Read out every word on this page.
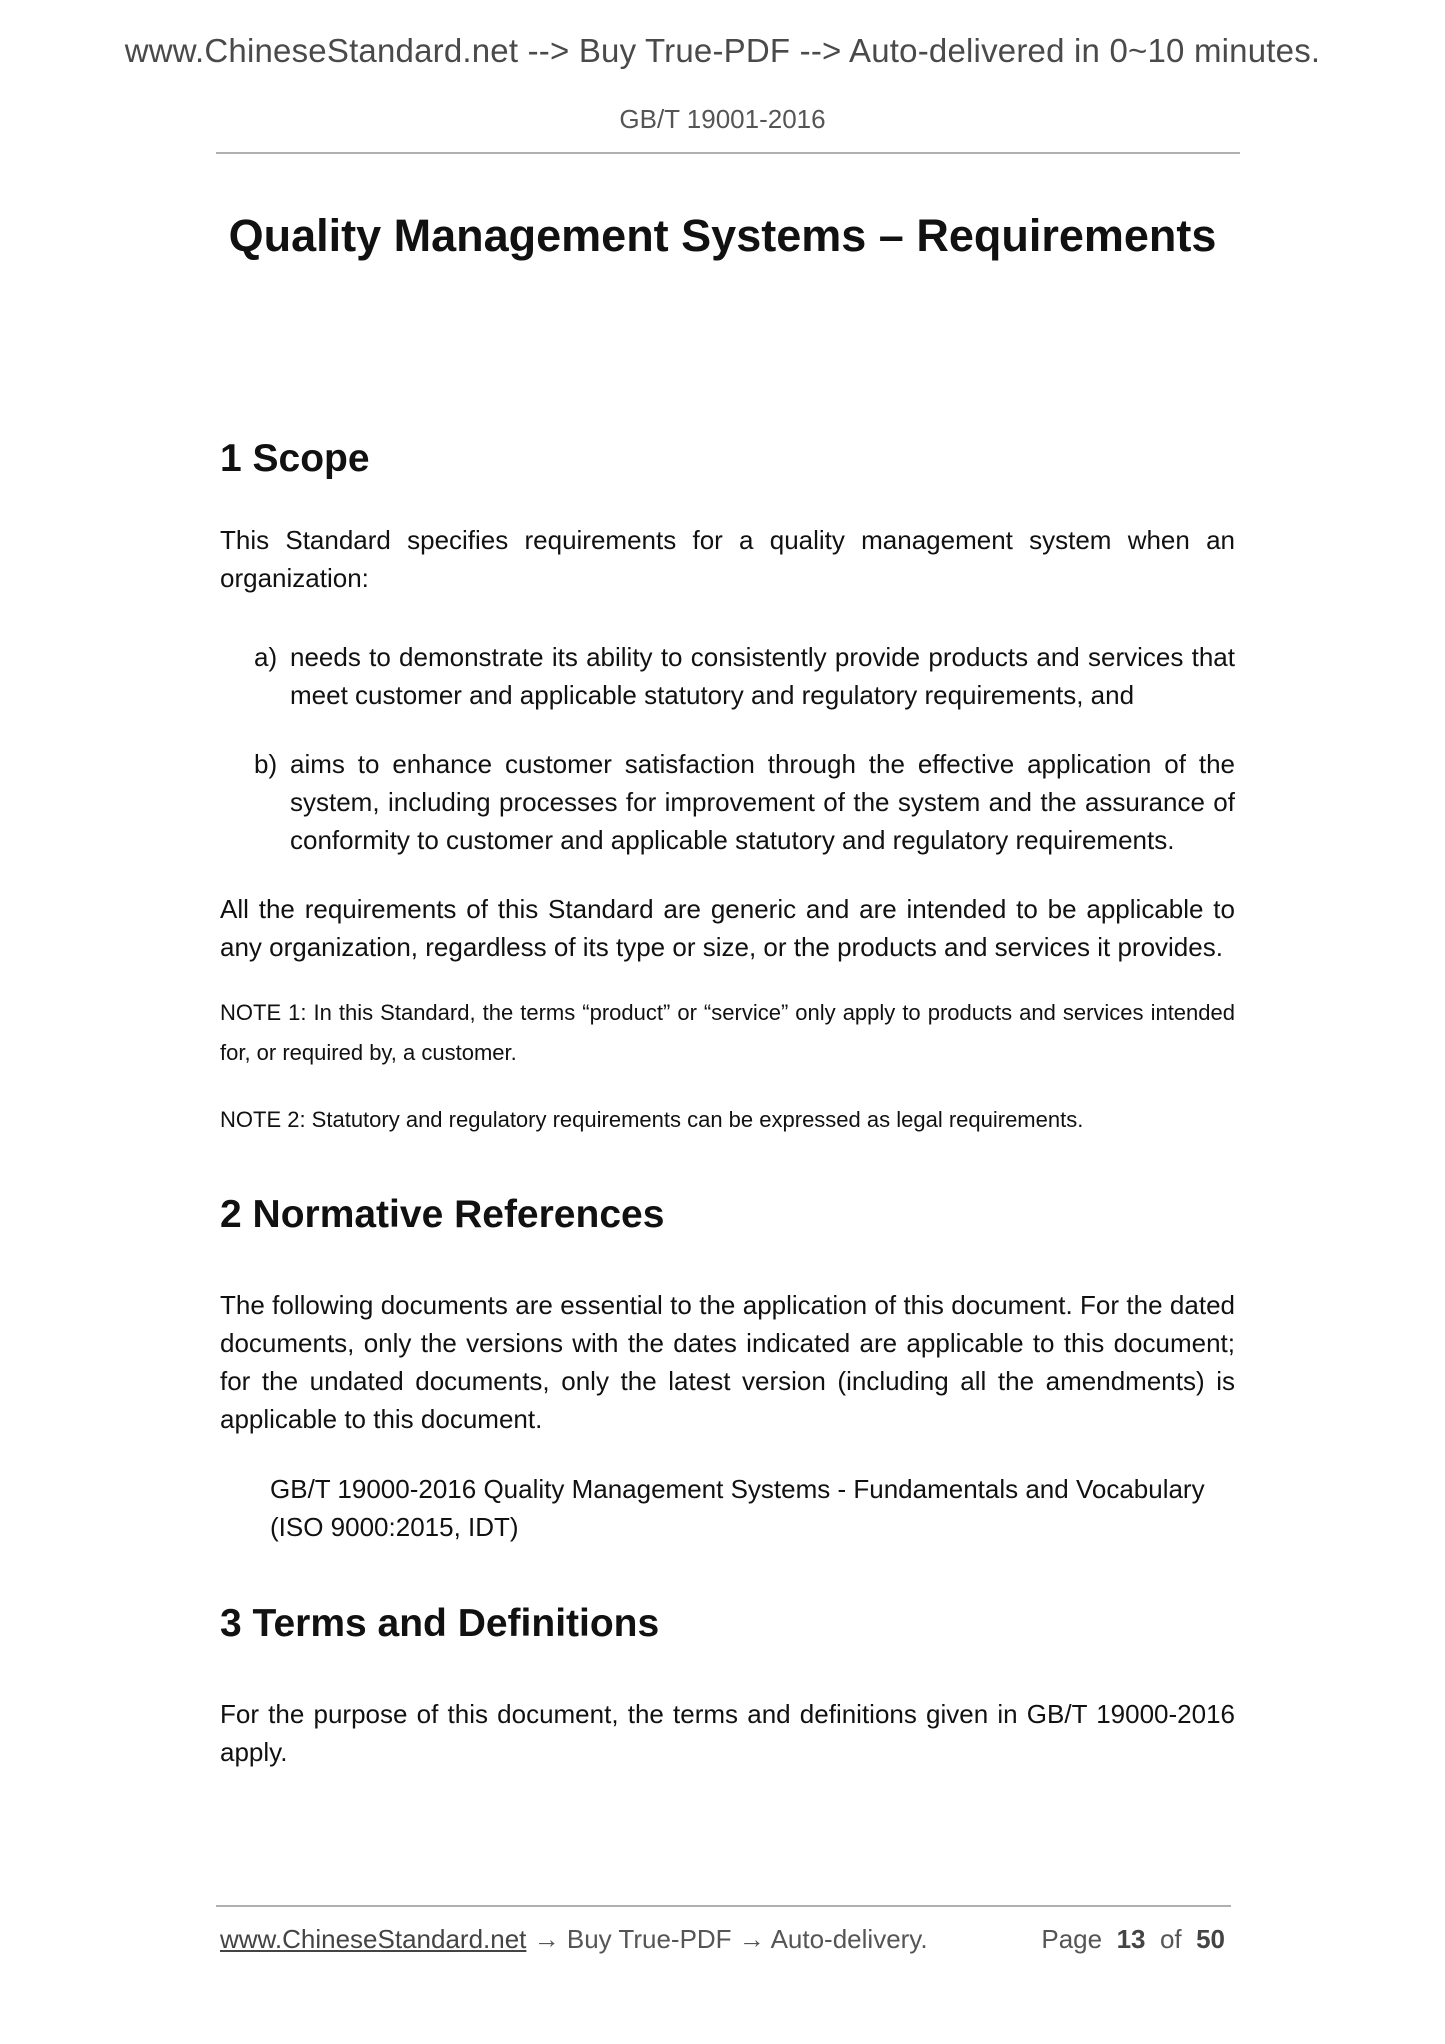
www.ChineseStandard.net --> Buy True-PDF --> Auto-delivered in 0~10 minutes.
GB/T 19001-2016
Quality Management Systems – Requirements
1 Scope

This Standard specifies requirements for a quality management system when an organization:

a) needs to demonstrate its ability to consistently provide products and services that meet customer and applicable statutory and regulatory requirements, and
b) aims to enhance customer satisfaction through the effective application of the system, including processes for improvement of the system and the assurance of conformity to customer and applicable statutory and regulatory requirements.

All the requirements of this Standard are generic and are intended to be applicable to any organization, regardless of its type or size, or the products and services it provides.

NOTE 1: In this Standard, the terms “product” or “service” only apply to products and services intended for, or required by, a customer.

NOTE 2: Statutory and regulatory requirements can be expressed as legal requirements.

2 Normative References

The following documents are essential to the application of this document. For the dated documents, only the versions with the dates indicated are applicable to this document; for the undated documents, only the latest version (including all the amendments) is applicable to this document.

GB/T 19000-2016 Quality Management Systems - Fundamentals and Vocabulary (ISO 9000:2015, IDT)

3 Terms and Definitions

For the purpose of this document, the terms and definitions given in GB/T 19000-2016 apply.

www.ChineseStandard.net → Buy True-PDF → Auto-delivery.	Page 13 of 50
